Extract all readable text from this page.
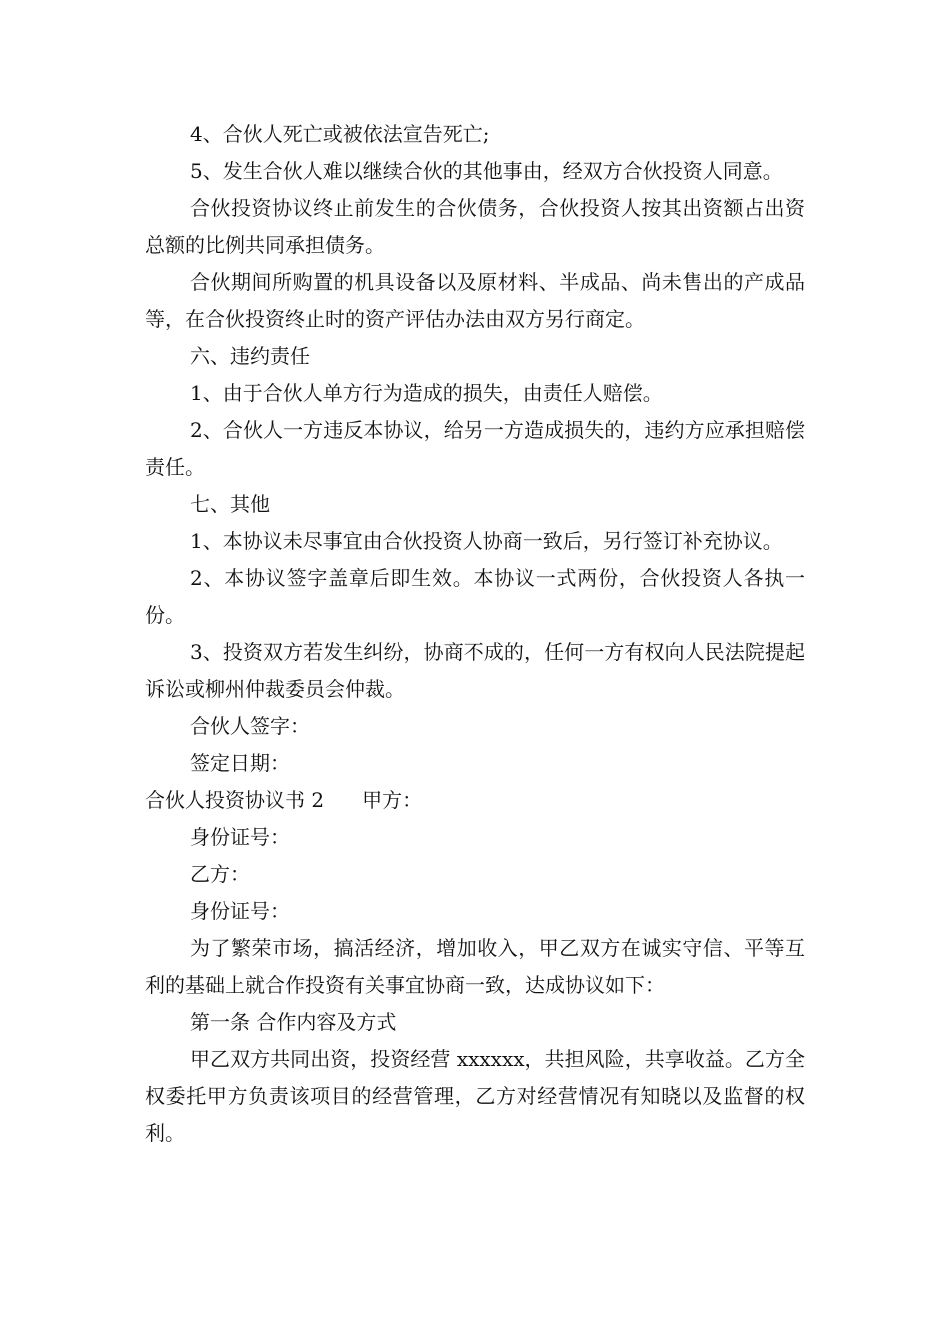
4、合伙人死亡或被依法宣告死亡;

5、发生合伙人难以继续合伙的其他事由，经双方合伙投资人同意。

合伙投资协议终止前发生的合伙债务，合伙投资人按其出资额占出资总额的比例共同承担债务。

合伙期间所购置的机具设备以及原材料、半成品、尚未售出的产成品等，在合伙投资终止时的资产评估办法由双方另行商定。

六、违约责任

1、由于合伙人单方行为造成的损失，由责任人赔偿。

2、合伙人一方违反本协议，给另一方造成损失的，违约方应承担赔偿责任。

七、其他

1、本协议未尽事宜由合伙投资人协商一致后，另行签订补充协议。

2、本协议签字盖章后即生效。本协议一式两份，合伙投资人各执一份。

3、投资双方若发生纠纷，协商不成的，任何一方有权向人民法院提起诉讼或柳州仲裁委员会仲裁。

合伙人签字：

签定日期：

合伙人投资协议书 2 甲方：

身份证号：

乙方：

身份证号：

为了繁荣市场，搞活经济，增加收入，甲乙双方在诚实守信、平等互利的基础上就合作投资有关事宜协商一致，达成协议如下：

第一条 合作内容及方式

甲乙双方共同出资，投资经营 xxxxxx，共担风险，共享收益。乙方全权委托甲方负责该项目的经营管理，乙方对经营情况有知晓以及监督的权利。
